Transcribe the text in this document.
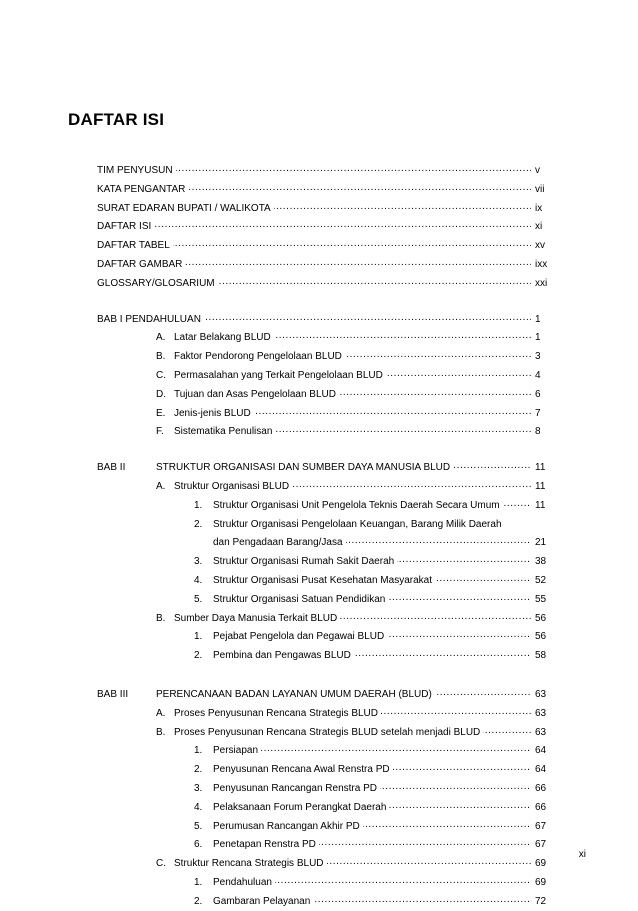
DAFTAR ISI
.....
TIM PENYUSUN	v
.....
KATA PENGANTAR	vii
.....
SURAT EDARAN BUPATI / WALIKOTA	ix
.....
DAFTAR ISI	xi
.....
DAFTAR TABEL	xv
.....
DAFTAR GAMBAR	ixx
.....
GLOSSARY/GLOSARIUM	xxi
.....
BAB I PENDAHULUAN	1
.....
A. Latar Belakang BLUD	1
.....
B. Faktor Pendorong Pengelolaan BLUD	3
.....
C. Permasalahan yang Terkait Pengelolaan BLUD	4
.....
D. Tujuan dan Asas Pengelolaan BLUD	6
.....
E. Jenis-jenis BLUD	7
.....
F. Sistematika Penulisan	8
BAB II .....	STRUKTUR ORGANISASI DAN SUMBER DAYA MANUSIA BLUD	11
.....
A. Struktur Organisasi BLUD	11
.....
1. Struktur Organisasi Unit Pengelola Teknis Daerah Secara Umum	11
2. Struktur Organisasi Pengelolaan Keuangan, Barang Milik Daerah
.....
dan Pengadaan Barang/Jasa	21
.....
3. Struktur Organisasi Rumah Sakit Daerah	38
.....
4. Struktur Organisasi Pusat Kesehatan Masyarakat	52
.....
5. Struktur Organisasi Satuan Pendidikan	55
.....
B. Sumber Daya Manusia Terkait BLUD	56
.....
1. Pejabat Pengelola dan Pegawai BLUD	56
.....
2. Pembina dan Pengawas BLUD	58
BAB III .....	PERENCANAAN BADAN LAYANAN UMUM DAERAH (BLUD)	63
.....
A. Proses Penyusunan Rencana Strategis BLUD	63
.....
B. Proses Penyusunan Rencana Strategis BLUD setelah menjadi BLUD	63
.....
1. Persiapan	64
.....
2. Penyusunan Rencana Awal Renstra PD	64
.....
3. Penyusunan Rancangan Renstra PD	66
.....
4. Pelaksanaan Forum Perangkat Daerah	66
.....
5. Perumusan Rancangan Akhir PD	67
.....
6. Penetapan Renstra PD	67
.....
C. Struktur Rencana Strategis BLUD	69
.....
1. Pendahuluan	69
.....
2. Gambaran Pelayanan	72
xi
